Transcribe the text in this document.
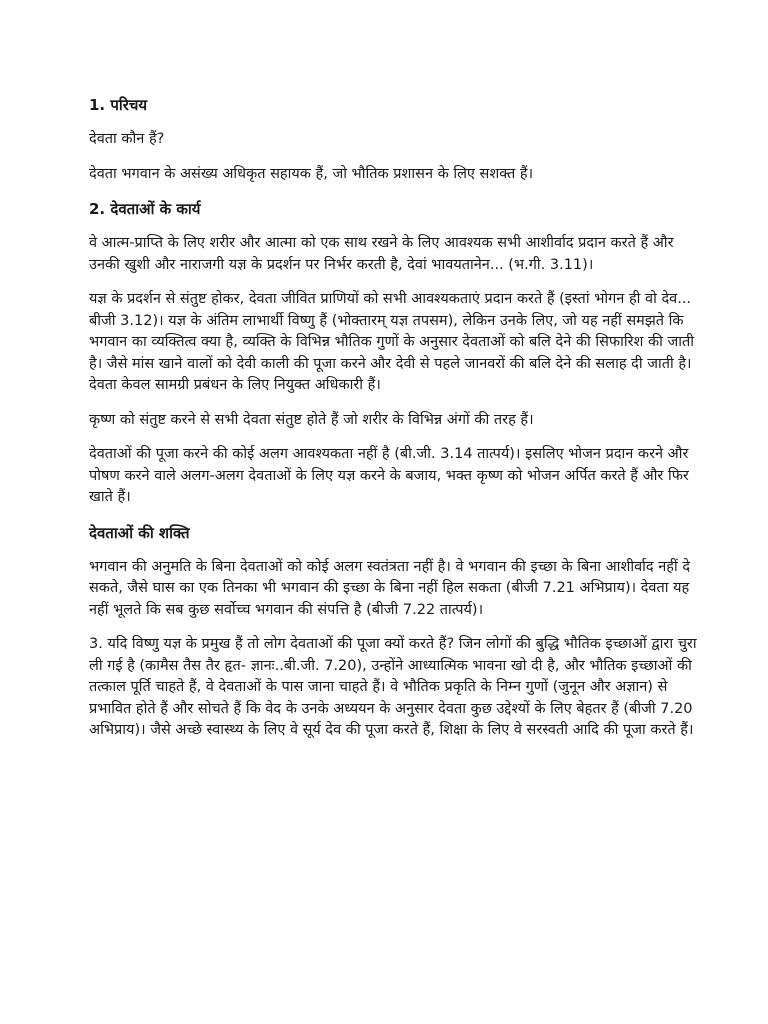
1. परिचय
देवता कौन हैं?
देवता भगवान के असंख्य अधिकृत सहायक हैं, जो भौतिक प्रशासन के लिए सशक्त हैं।
2. देवताओं के कार्य
वे आत्म-प्राप्ति के लिए शरीर और आत्मा को एक साथ रखने के लिए आवश्यक सभी आशीर्वाद प्रदान करते हैं और उनकी खुशी और नाराजगी यज्ञ के प्रदर्शन पर निर्भर करती है, देवां भावयतानेन... (भ.गी. 3.11)।
यज्ञ के प्रदर्शन से संतुष्ट होकर, देवता जीवित प्राणियों को सभी आवश्यकताएं प्रदान करते हैं (इस्तां भोगन ही वो देव... बीजी 3.12)। यज्ञ के अंतिम लाभार्थी विष्णु हैं (भोक्तारम् यज्ञ तपसम), लेकिन उनके लिए, जो यह नहीं समझते कि भगवान का व्यक्तित्व क्या है, व्यक्ति के विभिन्न भौतिक गुणों के अनुसार देवताओं को बलि देने की सिफारिश की जाती है। जैसे मांस खाने वालों को देवी काली की पूजा करने और देवी से पहले जानवरों की बलि देने की सलाह दी जाती है। देवता केवल सामग्री प्रबंधन के लिए नियुक्त अधिकारी हैं।
कृष्ण को संतुष्ट करने से सभी देवता संतुष्ट होते हैं जो शरीर के विभिन्न अंगों की तरह हैं।
देवताओं की पूजा करने की कोई अलग आवश्यकता नहीं है (बी.जी. 3.14 तात्पर्य)। इसलिए भोजन प्रदान करने और पोषण करने वाले अलग-अलग देवताओं के लिए यज्ञ करने के बजाय, भक्त कृष्ण को भोजन अर्पित करते हैं और फिर खाते हैं।
देवताओं की शक्ति
भगवान की अनुमति के बिना देवताओं को कोई अलग स्वतंत्रता नहीं है। वे भगवान की इच्छा के बिना आशीर्वाद नहीं दे सकते, जैसे घास का एक तिनका भी भगवान की इच्छा के बिना नहीं हिल सकता (बीजी 7.21 अभिप्राय)। देवता यह नहीं भूलते कि सब कुछ सर्वोच्च भगवान की संपत्ति है (बीजी 7.22 तात्पर्य)।
3. यदि विष्णु यज्ञ के प्रमुख हैं तो लोग देवताओं की पूजा क्यों करते हैं? जिन लोगों की बुद्धि भौतिक इच्छाओं द्वारा चुरा ली गई है (कामैस तैस तैर हृत- ज्ञानः..बी.जी. 7.20), उन्होंने आध्यात्मिक भावना खो दी है, और भौतिक इच्छाओं की तत्काल पूर्ति चाहते हैं, वे देवताओं के पास जाना चाहते हैं। वे भौतिक प्रकृति के निम्न गुणों (जुनून और अज्ञान) से प्रभावित होते हैं और सोचते हैं कि वेद के उनके अध्ययन के अनुसार देवता कुछ उद्देश्यों के लिए बेहतर हैं (बीजी 7.20 अभिप्राय)। जैसे अच्छे स्वास्थ्य के लिए वे सूर्य देव की पूजा करते हैं, शिक्षा के लिए वे सरस्वती आदि की पूजा करते हैं।
